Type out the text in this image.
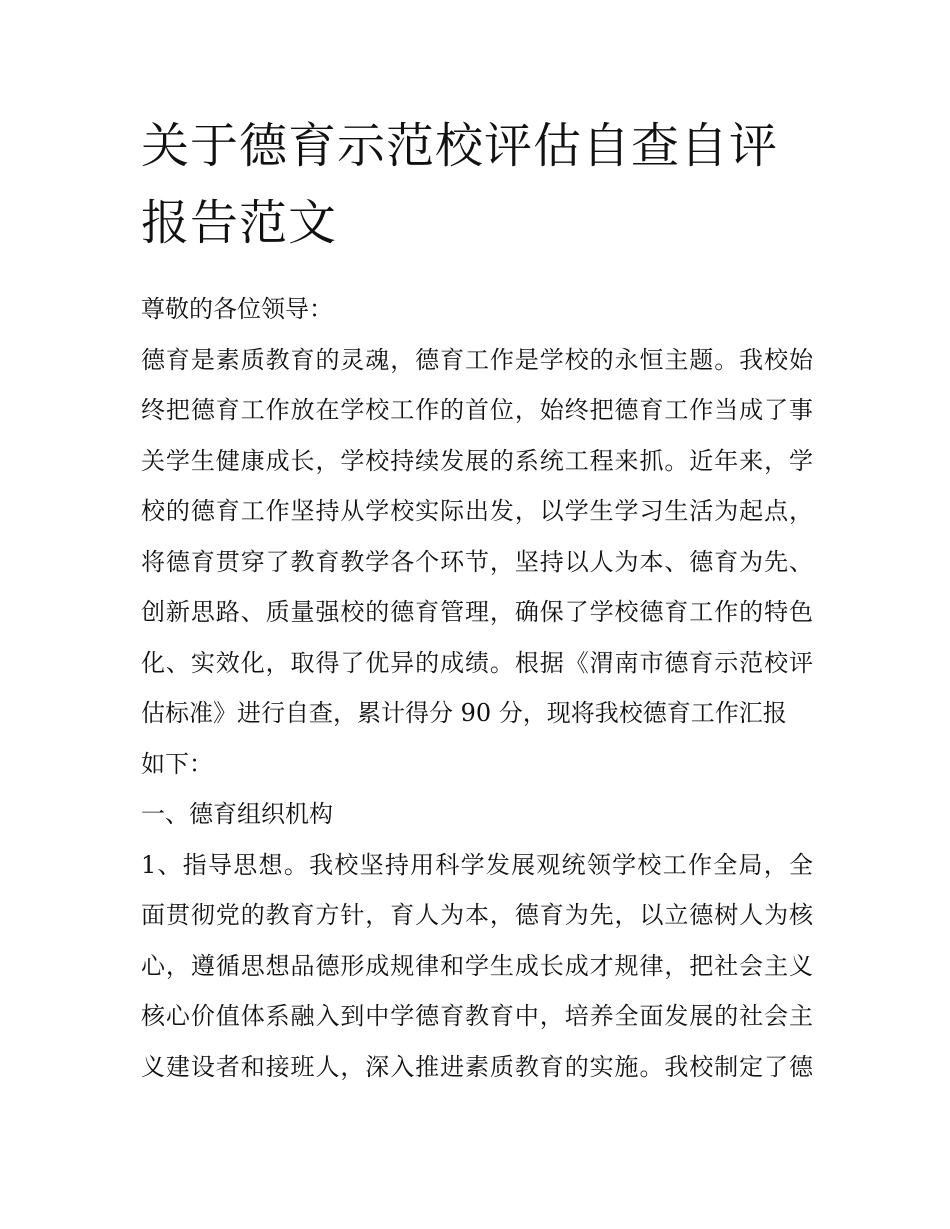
关于德育示范校评估自查自评
报告范文
尊敬的各位领导：
德育是素质教育的灵魂，德育工作是学校的永恒主题。我校始
终把德育工作放在学校工作的首位，始终把德育工作当成了事
关学生健康成长，学校持续发展的系统工程来抓。近年来，学
校的德育工作坚持从学校实际出发，以学生学习生活为起点，
将德育贯穿了教育教学各个环节，坚持以人为本、德育为先、
创新思路、质量强校的德育管理，确保了学校德育工作的特色
化、实效化，取得了优异的成绩。根据《渭南市德育示范校评
估标准》进行自查，累计得分 90 分，现将我校德育工作汇报
如下：
一、德育组织机构
1、指导思想。我校坚持用科学发展观统领学校工作全局，全
面贯彻党的教育方针，育人为本，德育为先，以立德树人为核
心，遵循思想品德形成规律和学生成长成才规律，把社会主义
核心价值体系融入到中学德育教育中，培养全面发展的社会主
义建设者和接班人，深入推进素质教育的实施。我校制定了德
